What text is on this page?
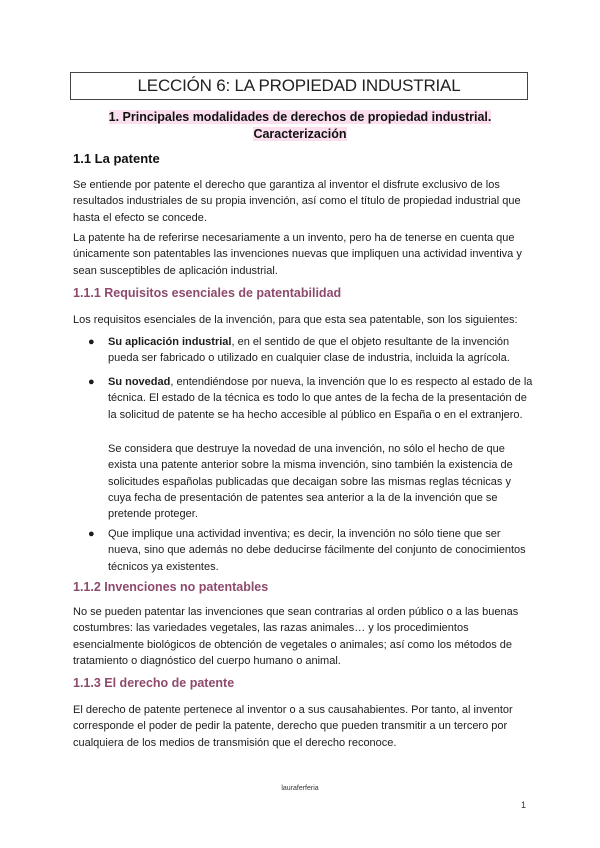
LECCIÓN 6: LA PROPIEDAD INDUSTRIAL
1. Principales modalidades de derechos de propiedad industrial.
Caracterización
1.1 La patente

Se entiende por patente el derecho que garantiza al inventor el disfrute exclusivo de los resultados industriales de su propia invención, así como el título de propiedad industrial que hasta el efecto se concede.

La patente ha de referirse necesariamente a un invento, pero ha de tenerse en cuenta que únicamente son patentables las invenciones nuevas que impliquen una actividad inventiva y sean susceptibles de aplicación industrial.

1.1.1 Requisitos esenciales de patentabilidad

Los requisitos esenciales de la invención, para que esta sea patentable, son los siguientes:

● Su aplicación industrial, en el sentido de que el objeto resultante de la invención pueda ser fabricado o utilizado en cualquier clase de industria, incluida la agrícola.

● Su novedad, entendiéndose por nueva, la invención que lo es respecto al estado de la técnica. El estado de la técnica es todo lo que antes de la fecha de la presentación de la solicitud de patente se ha hecho accesible al público en España o en el extranjero.

Se considera que destruye la novedad de una invención, no sólo el hecho de que exista una patente anterior sobre la misma invención, sino también la existencia de solicitudes españolas publicadas que decaigan sobre las mismas reglas técnicas y cuya fecha de presentación de patentes sea anterior a la de la invención que se pretende proteger.

● Que implique una actividad inventiva; es decir, la invención no sólo tiene que ser nueva, sino que además no debe deducirse fácilmente del conjunto de conocimientos técnicos ya existentes.

1.1.2 Invenciones no patentables

No se pueden patentar las invenciones que sean contrarias al orden público o a las buenas costumbres: las variedades vegetales, las razas animales… y los procedimientos esencialmente biológicos de obtención de vegetales o animales; así como los métodos de tratamiento o diagnóstico del cuerpo humano o animal.

1.1.3 El derecho de patente

El derecho de patente pertenece al inventor o a sus causahabientes. Por tanto, al inventor corresponde el poder de pedir la patente, derecho que pueden transmitir a un tercero por cualquiera de los medios de transmisión que el derecho reconoce.

lauraferferia
1
